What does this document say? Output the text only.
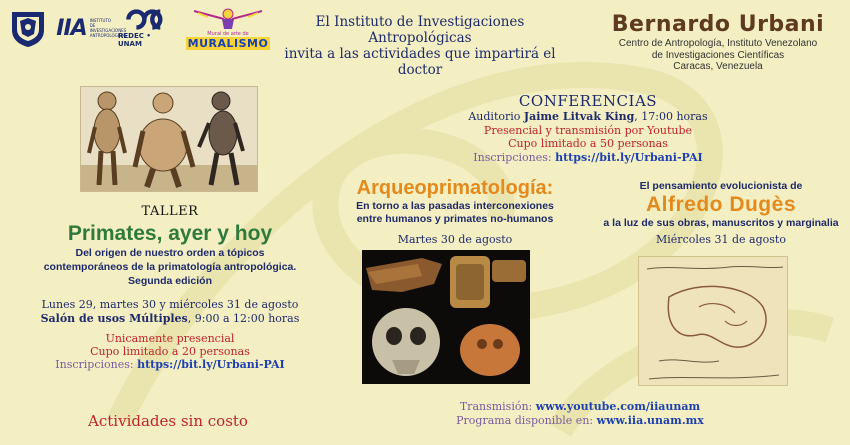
IIA INSTITUTO DE INVESTIGACIONES ANTROPOLÓGICAS
REDEC • UNAM
Mural de arte de
MURALISMO
El Instituto de Investigaciones Antropológicas
invita a las actividades que impartirá el doctor
Bernardo Urbani
Centro de Antropología, Instituto Venezolano
de Investigaciones Científicas
Caracas, Venezuela
TALLER
Primates, ayer y hoy
Del origen de nuestro orden a tópicos
contemporáneos de la primatología antropológica.
Segunda edición
Lunes 29, martes 30 y miércoles 31 de agosto
Salón de usos Múltiples, 9:00 a 12:00 horas
Unicamente presencial
Cupo limitado a 20 personas
Inscripciones: https://bit.ly/Urbani-PAI
Actividades sin costo
CONFERENCIAS
Auditorio Jaime Litvak King, 17:00 horas
Presencial y transmisión por Youtube
Cupo limitado a 50 personas
Inscripciones: https://bit.ly/Urbani-PAI
Arqueoprimatología:
En torno a las pasadas interconexiones
entre humanos y primates no-humanos
Martes 30 de agosto
El pensamiento evolucionista de
Alfredo Dugès
a la luz de sus obras, manuscritos y marginalia
Miércoles 31 de agosto
Transmisión: www.youtube.com/iiaunam
Programa disponible en: www.iia.unam.mx
